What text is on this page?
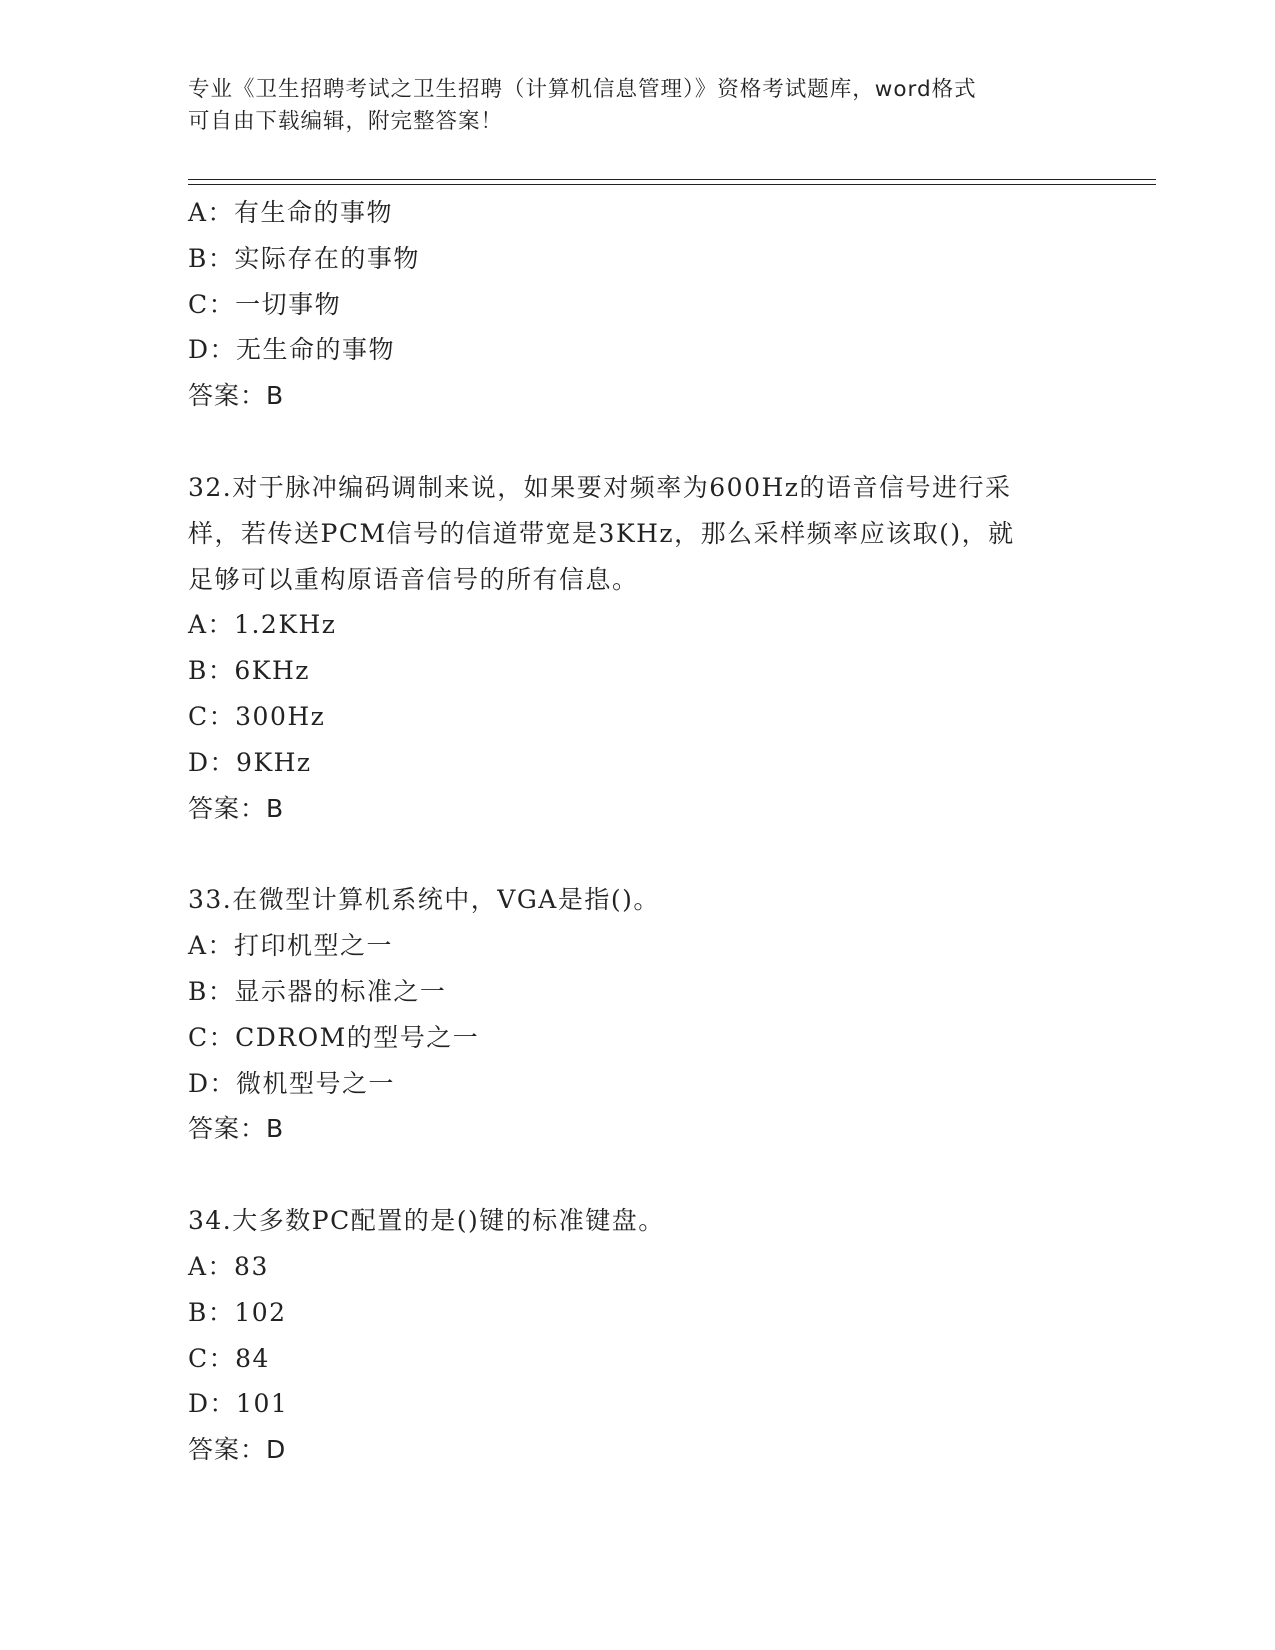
专业《卫生招聘考试之卫生招聘（计算机信息管理）》资格考试题库，word格式
可自由下载编辑，附完整答案！
A：有生命的事物
B：实际存在的事物
C：一切事物
D：无生命的事物
答案：B
32.对于脉冲编码调制来说，如果要对频率为600Hz的语音信号进行采
样，若传送PCM信号的信道带宽是3KHz，那么采样频率应该取()，就
足够可以重构原语音信号的所有信息。
A：1.2KHz
B：6KHz
C：300Hz
D：9KHz
答案：B
33.在微型计算机系统中，VGA是指()。
A：打印机型之一
B：显示器的标准之一
C：CDROM的型号之一
D：微机型号之一
答案：B
34.大多数PC配置的是()键的标准键盘。
A：83
B：102
C：84
D：101
答案：D
